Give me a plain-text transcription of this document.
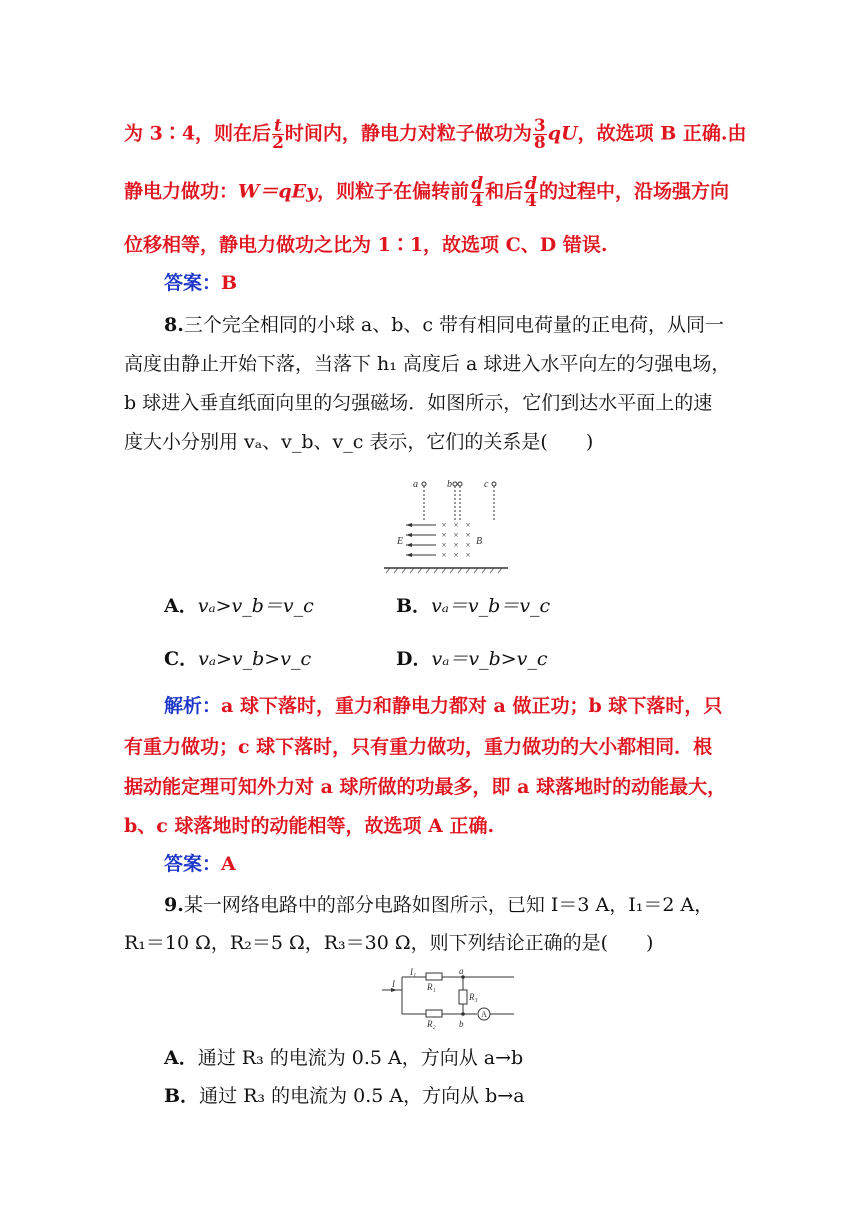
为 3∶4，则在后 $\frac{t}{2}$ 时间内，静电力对粒子做功为 $\frac{3}{8}$ qU，故选项 B 正确.由
静电力做功：W＝qEy，则粒子在偏转前 $\frac{d}{4}$ 和后 $\frac{d}{4}$ 的过程中，沿场强方向
位移相等，静电力做功之比为 1∶1，故选项 C、D 错误.
答案：B
8.三个完全相同的小球 a、b、c 带有相同电荷量的正电荷，从同一
高度由静止开始下落，当落下 h₁ 高度后 a 球进入水平向左的匀强电场，
b 球进入垂直纸面向里的匀强磁场．如图所示，它们到达水平面上的速
度大小分别用 vₐ、v_b、v_c 表示，它们的关系是(　　)
× × ×
× × ×
× × ×
× × ×
a	b	c
E	B
A．vₐ>v_b＝v_c	B．vₐ＝v_b＝v_c
C．vₐ>v_b>v_c	D．vₐ＝v_b>v_c
解析：a 球下落时，重力和静电力都对 a 做正功；b 球下落时，只
有重力做功；c 球下落时，只有重力做功，重力做功的大小都相同．根
据动能定理可知外力对 a 球所做的功最多，即 a 球落地时的动能最大，
b、c 球落地时的动能相等，故选项 A 正确.
答案：A
9.某一网络电路中的部分电路如图所示，已知 I＝3 A，I₁＝2 A，
R₁＝10 Ω，R₂＝5 Ω，R₃＝30 Ω，则下列结论正确的是(　　)
I
I₁
R₁
R₂
R₃
a
b
A
A．通过 R₃ 的电流为 0.5 A，方向从 a→b
B．通过 R₃ 的电流为 0.5 A，方向从 b→a
